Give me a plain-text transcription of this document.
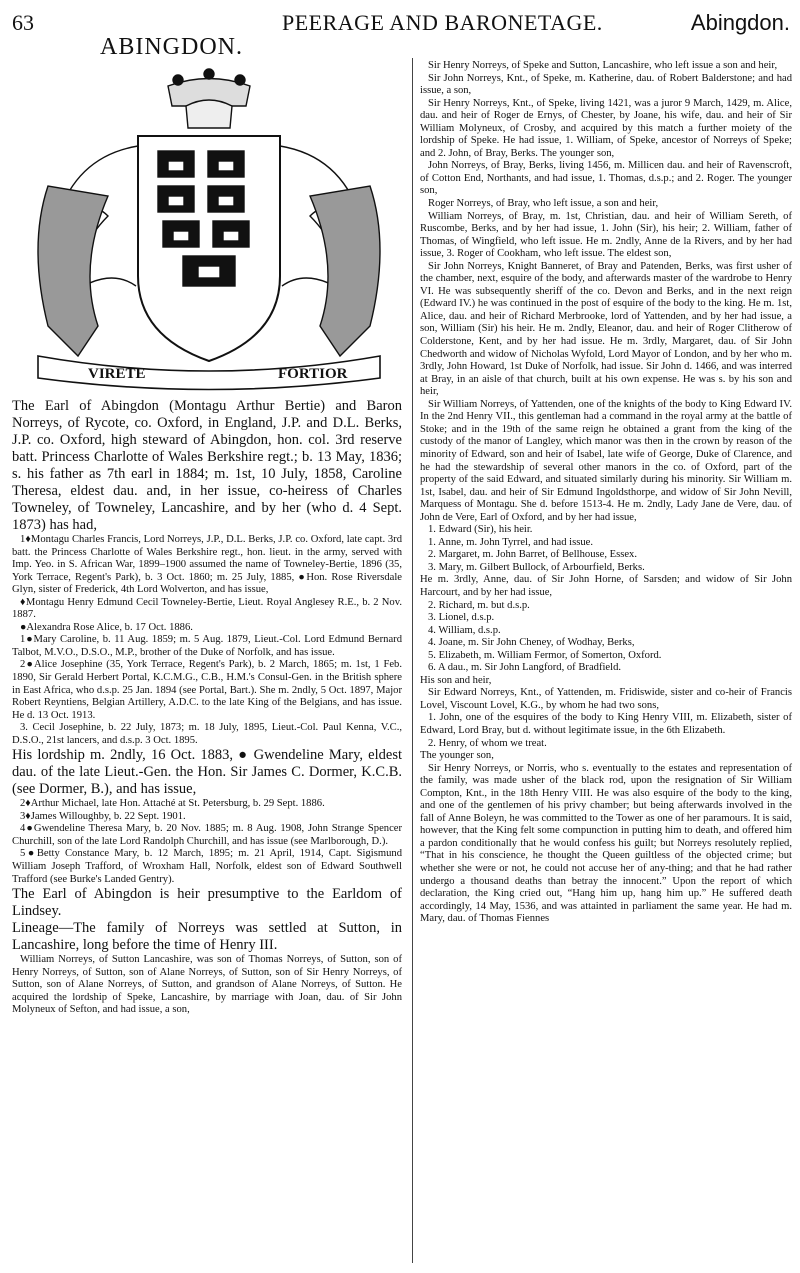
63	PEERAGE AND BARONETAGE.	Abingdon.
ABINGDON.
VIRETE	FORTIOR

The Earl of Abingdon (Montagu Arthur Bertie) and Baron Norreys, of Rycote, co. Oxford, in England, J.P. and D.L. Berks, J.P. co. Oxford, high steward of Abingdon, hon. col. 3rd reserve batt. Princess Charlotte of Wales Berkshire regt.; b. 13 May, 1836; s. his father as 7th earl in 1884; m. 1st, 10 July, 1858, Caroline Theresa, eldest dau. and, in her issue, co-heiress of Charles Towneley, of Towneley, Lancashire, and by her (who d. 4 Sept. 1873) has had,

1♦Montagu Charles Francis, Lord Norreys, J.P., D.L. Berks, J.P. co. Oxford, late capt. 3rd batt. the Princess Charlotte of Wales Berkshire regt., hon. lieut. in the army, served with Imp. Yeo. in S. African War, 1899–1900 assumed the name of Towneley-Bertie, 1896 (35, York Terrace, Regent's Park), b. 3 Oct. 1860; m. 25 July, 1885, ●Hon. Rose Riversdale Glyn, sister of Frederick, 4th Lord Wolverton, and has issue,

♦Montagu Henry Edmund Cecil Towneley-Bertie, Lieut. Royal Anglesey R.E., b. 2 Nov. 1887.

●Alexandra Rose Alice, b. 17 Oct. 1886.

1●Mary Caroline, b. 11 Aug. 1859; m. 5 Aug. 1879, Lieut.-Col. Lord Edmund Bernard Talbot, M.V.O., D.S.O., M.P., brother of the Duke of Norfolk, and has issue.

2●Alice Josephine (35, York Terrace, Regent's Park), b. 2 March, 1865; m. 1st, 1 Feb. 1890, Sir Gerald Herbert Portal, K.C.M.G., C.B., H.M.'s Consul-Gen. in the British sphere in East Africa, who d.s.p. 25 Jan. 1894 (see Portal, Bart.). She m. 2ndly, 5 Oct. 1897, Major Robert Reyntiens, Belgian Artillery, A.D.C. to the late King of the Belgians, and has issue. He d. 13 Oct. 1913.

3. Cecil Josephine, b. 22 July, 1873; m. 18 July, 1895, Lieut.-Col. Paul Kenna, V.C., D.S.O., 21st lancers, and d.s.p. 3 Oct. 1895.

His lordship m. 2ndly, 16 Oct. 1883, ● Gwendeline Mary, eldest dau. of the late Lieut.-Gen. the Hon. Sir James C. Dormer, K.C.B. (see Dormer, B.), and has issue,

2♦Arthur Michael, late Hon. Attaché at St. Petersburg, b. 29 Sept. 1886.

3♦James Willoughby, b. 22 Sept. 1901.

4●Gwendeline Theresa Mary, b. 20 Nov. 1885; m. 8 Aug. 1908, John Strange Spencer Churchill, son of the late Lord Randolph Churchill, and has issue (see Marlborough, D.).

5●Betty Constance Mary, b. 12 March, 1895; m. 21 April, 1914, Capt. Sigismund William Joseph Trafford, of Wroxham Hall, Norfolk, eldest son of Edward Southwell Trafford (see Burke's Landed Gentry).

The Earl of Abingdon is heir presumptive to the Earldom of Lindsey.

Lineage—The family of Norreys was settled at Sutton, in Lancashire, long before the time of Henry III.

William Norreys, of Sutton Lancashire, was son of Thomas Norreys, of Sutton, son of Henry Norreys, of Sutton, son of Alane Norreys, of Sutton, son of Sir Henry Norreys, of Sutton, son of Alane Norreys, of Sutton, and grandson of Alane Norreys, of Sutton. He acquired the lordship of Speke, Lancashire, by marriage with Joan, dau. of Sir John Molyneux of Sefton, and had issue, a son,

Sir Henry Norreys, of Speke and Sutton, Lancashire, who left issue a son and heir,

Sir John Norreys, Knt., of Speke, m. Katherine, dau. of Robert Balderstone; and had issue, a son,

Sir Henry Norreys, Knt., of Speke, living 1421, was a juror 9 March, 1429, m. Alice, dau. and heir of Roger de Ernys, of Chester, by Joane, his wife, dau. and heir of Sir William Molyneux, of Crosby, and acquired by this match a further moiety of the lordship of Speke. He had issue, 1. William, of Speke, ancestor of Norreys of Speke; and 2. John, of Bray, Berks. The younger son,

John Norreys, of Bray, Berks, living 1456, m. Millicen dau. and heir of Ravenscroft, of Cotton End, Northants, and had issue, 1. Thomas, d.s.p.; and 2. Roger. The younger son,

Roger Norreys, of Bray, who left issue, a son and heir,

William Norreys, of Bray, m. 1st, Christian, dau. and heir of William Sereth, of Ruscombe, Berks, and by her had issue, 1. John (Sir), his heir; 2. William, father of Thomas, of Wingfield, who left issue. He m. 2ndly, Anne de la Rivers, and by her had issue, 3. Roger of Cookham, who left issue. The eldest son,

Sir John Norreys, Knight Banneret, of Bray and Patenden, Berks, was first usher of the chamber, next, esquire of the body, and afterwards master of the wardrobe to Henry VI. He was subsequently sheriff of the co. Devon and Berks, and in the next reign (Edward IV.) he was continued in the post of esquire of the body to the king. He m. 1st, Alice, dau. and heir of Richard Merbrooke, lord of Yattenden, and by her had issue, a son, William (Sir) his heir. He m. 2ndly, Eleanor, dau. and heir of Roger Clitherow of Colderstone, Kent, and by her had issue. He m. 3rdly, Margaret, dau. of Sir John Chedworth and widow of Nicholas Wyfold, Lord Mayor of London, and by her who m. 3rdly, John Howard, 1st Duke of Norfolk, had issue. Sir John d. 1466, and was interred at Bray, in an aisle of that church, built at his own expense. He was s. by his son and heir,

Sir William Norreys, of Yattenden, one of the knights of the body to King Edward IV. In the 2nd Henry VII., this gentleman had a command in the royal army at the battle of Stoke; and in the 19th of the same reign he obtained a grant from the king of the custody of the manor of Langley, which manor was then in the crown by reason of the minority of Edward, son and heir of Isabel, late wife of George, Duke of Clarence, and he had the stewardship of several other manors in the co. of Oxford, part of the property of the said Edward, and situated similarly during his minority. Sir William m. 1st, Isabel, dau. and heir of Sir Edmund Ingoldsthorpe, and widow of Sir John Nevill, Marquess of Montagu. She d. before 1513-4. He m. 2ndly, Lady Jane de Vere, dau. of John de Vere, Earl of Oxford, and by her had issue,

1. Edward (Sir), his heir.

1. Anne, m. John Tyrrel, and had issue.

2. Margaret, m. John Barret, of Bellhouse, Essex.

3. Mary, m. Gilbert Bullock, of Arbourfield, Berks.

He m. 3rdly, Anne, dau. of Sir John Horne, of Sarsden; and widow of Sir John Harcourt, and by her had issue,

2. Richard, m. but d.s.p.

3. Lionel, d.s.p.

4. William, d.s.p.

4. Joane, m. Sir John Cheney, of Wodhay, Berks,

5. Elizabeth, m. William Fermor, of Somerton, Oxford.

6. A dau., m. Sir John Langford, of Bradfield.

His son and heir,

Sir Edward Norreys, Knt., of Yattenden, m. Fridiswide, sister and co-heir of Francis Lovel, Viscount Lovel, K.G., by whom he had two sons,

1. John, one of the esquires of the body to King Henry VIII, m. Elizabeth, sister of Edward, Lord Bray, but d. without legitimate issue, in the 6th Elizabeth.

2. Henry, of whom we treat.

The younger son,

Sir Henry Norreys, or Norris, who s. eventually to the estates and representation of the family, was made usher of the black rod, upon the resignation of Sir William Compton, Knt., in the 18th Henry VIII. He was also esquire of the body to the king, and one of the gentlemen of his privy chamber; but being afterwards involved in the fall of Anne Boleyn, he was committed to the Tower as one of her paramours. It is said, however, that the King felt some compunction in putting him to death, and offered him a pardon conditionally that he would confess his guilt; but Norreys resolutely replied, “That in his conscience, he thought the Queen guiltless of the objected crime; but whether she were or not, he could not accuse her of any-thing; and that he had rather undergo a thousand deaths than betray the innocent.” Upon the report of which declaration, the King cried out, “Hang him up, hang him up.” He suffered death accordingly, 14 May, 1536, and was attainted in parliament the same year. He had m. Mary, dau. of Thomas Fiennes
